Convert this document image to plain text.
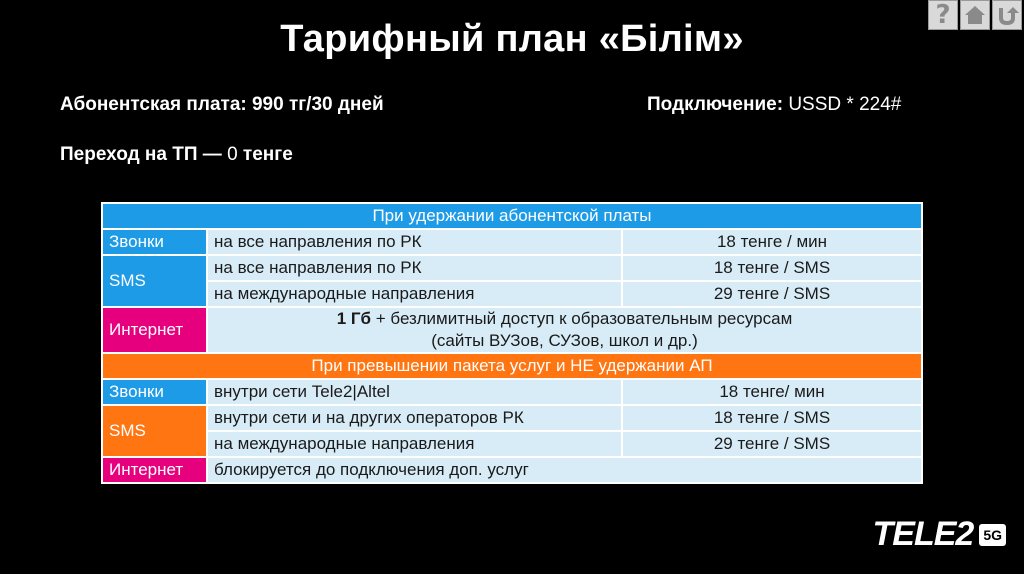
?
Тарифный план «Білім»
Абонентская плата: 990 тг/30 дней	Подключение: USSD * 224#
Переход на ТП — 0 тенге
При удержании абонентской платы		
Звонки	на все направления по РК	18 тенге / мин
SMS	на все направления по РК	18 тенге / SMS
	на международные направления	29 тенге / SMS
Интернет	1 Гб + безлимитный доступ к образовательным ресурсам
(сайты ВУЗов, СУЗов, школ и др.)	
При превышении пакета услуг и НЕ удержании АП		
Звонки	внутри сети Tele2|Altel	18 тенге/ мин
SMS	внутри сети и на других операторов РК	18 тенге / SMS
	на международные направления	29 тенге / SMS
Интернет	блокируется до подключения доп. услуг	
TELE2 5G
